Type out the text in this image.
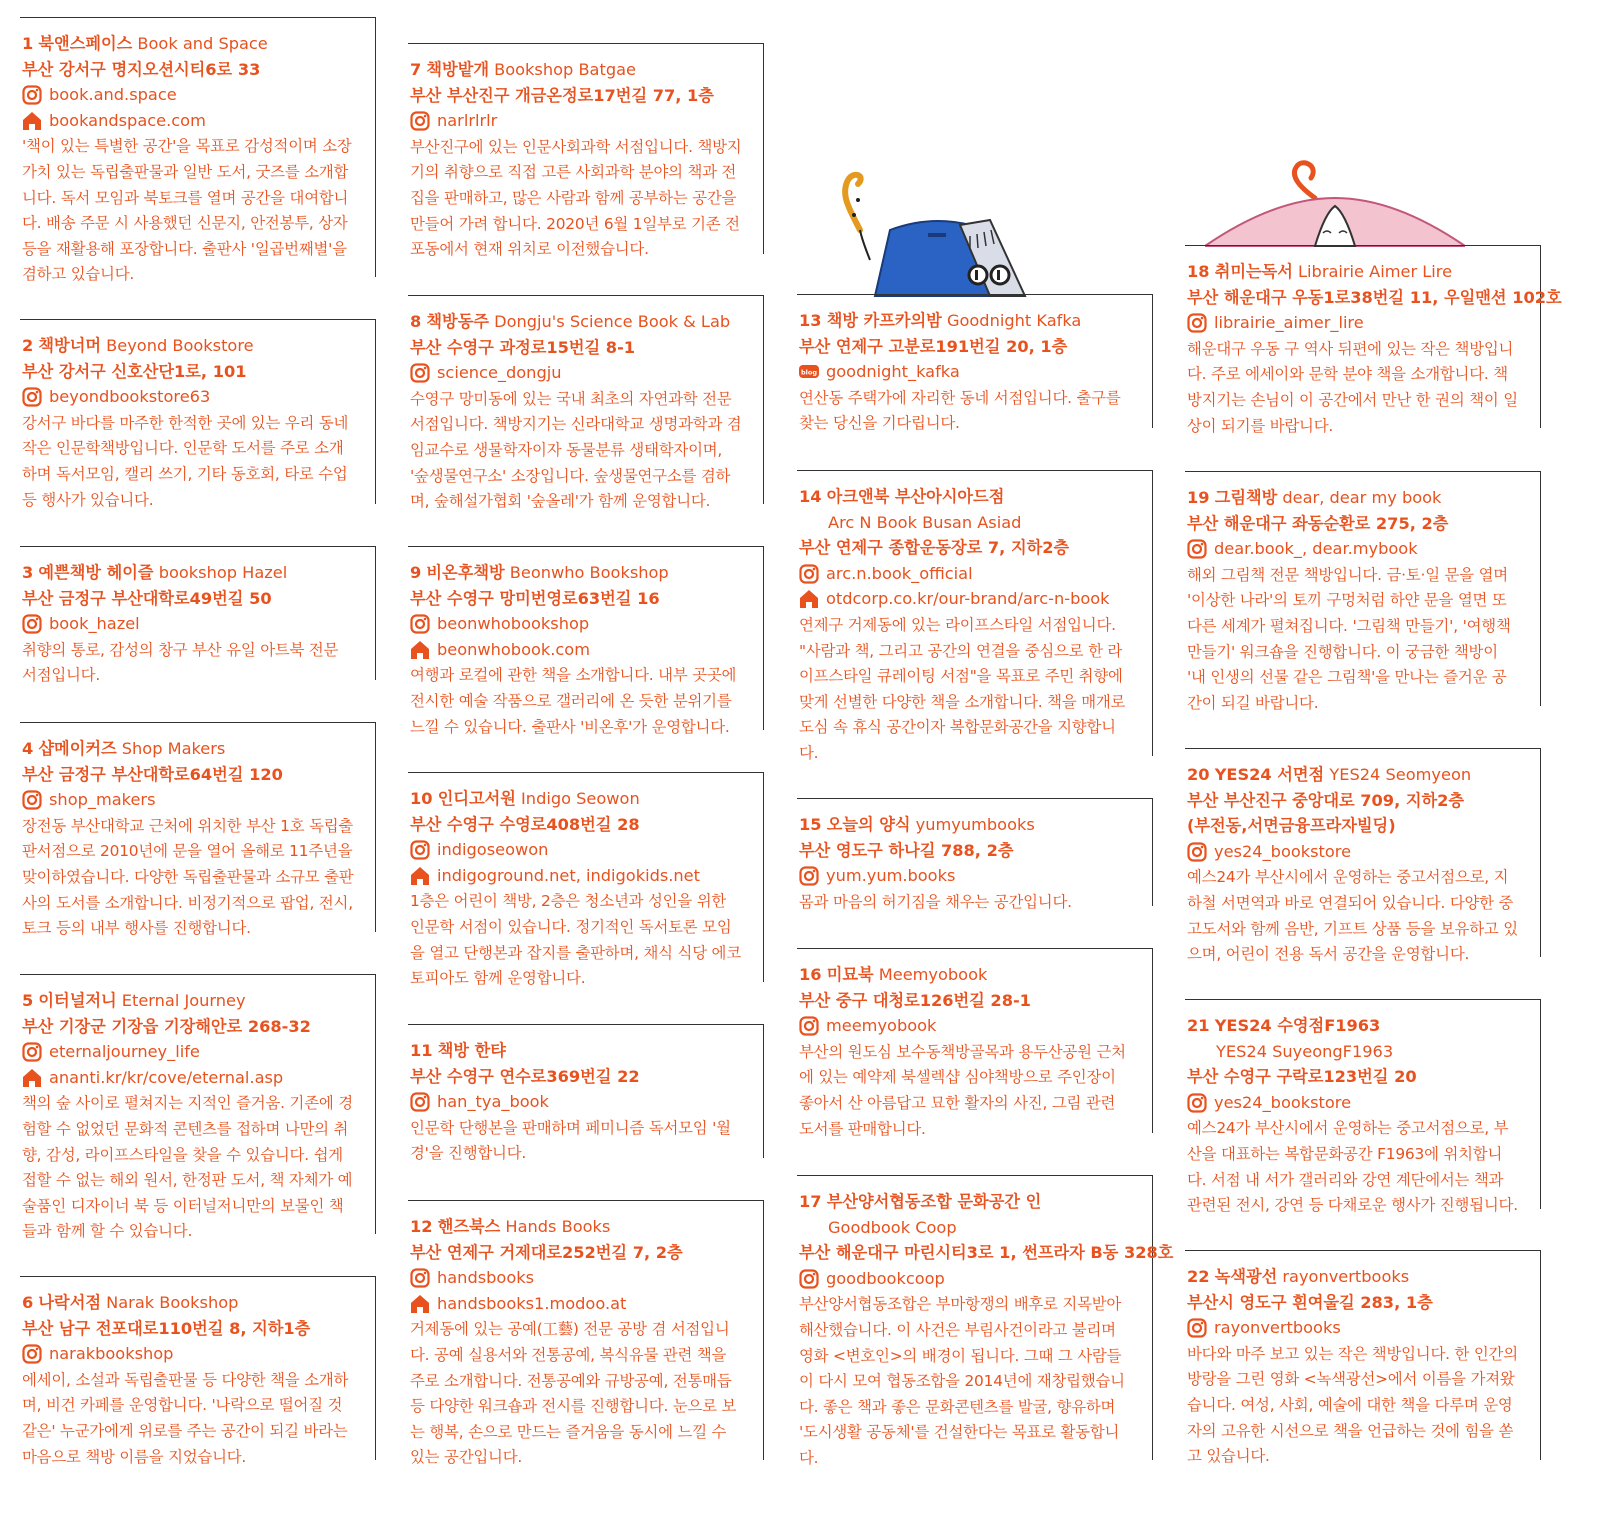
1 북앤스페이스 Book and Space
부산 강서구 명지오션시티6로 33
book.and.space
bookandspace.com
'책이 있는 특별한 공간'을 목표로 감성적이며 소장 가치 있는 독립출판물과 일반 도서, 굿즈를 소개합니다. 독서 모임과 북토크를 열며 공간을 대여합니다. 배송 주문 시 사용했던 신문지, 안전봉투, 상자 등을 재활용해 포장합니다. 출판사 '일곱번째별'을 겸하고 있습니다.
2 책방너머 Beyond Bookstore
부산 강서구 신호산단1로, 101
beyondbookstore63
강서구 바다를 마주한 한적한 곳에 있는 우리 동네 작은 인문학책방입니다. 인문학 도서를 주로 소개하며 독서모임, 캘리 쓰기, 기타 동호회, 타로 수업 등 행사가 있습니다.
3 예쁜책방 헤이즐 bookshop Hazel
부산 금정구 부산대학로49번길 50
book_hazel
취향의 통로, 감성의 창구 부산 유일 아트북 전문 서점입니다.
4 샵메이커즈 Shop Makers
부산 금정구 부산대학로64번길 120
shop_makers
장전동 부산대학교 근처에 위치한 부산 1호 독립출판서점으로 2010년에 문을 열어 올해로 11주년을 맞이하였습니다. 다양한 독립출판물과 소규모 출판사의 도서를 소개합니다. 비정기적으로 팝업, 전시, 토크 등의 내부 행사를 진행합니다.
5 이터널저니 Eternal Journey
부산 기장군 기장읍 기장해안로 268-32
eternaljourney_life
ananti.kr/kr/cove/eternal.asp
책의 숲 사이로 펼쳐지는 지적인 즐거움. 기존에 경험할 수 없었던 문화적 콘텐츠를 접하며 나만의 취향, 감성, 라이프스타일을 찾을 수 있습니다. 쉽게 접할 수 없는 해외 원서, 한정판 도서, 책 자체가 예술품인 디자이너 북 등 이터널저니만의 보물인 책들과 함께 할 수 있습니다.
6 나락서점 Narak Bookshop
부산 남구 전포대로110번길 8, 지하1층
narakbookshop
에세이, 소설과 독립출판물 등 다양한 책을 소개하며, 비건 카페를 운영합니다. '나락으로 떨어질 것 같은' 누군가에게 위로를 주는 공간이 되길 바라는 마음으로 책방 이름을 지었습니다.
7 책방밭개 Bookshop Batgae
부산 부산진구 개금온정로17번길 77, 1층
narlrlrlr
부산진구에 있는 인문사회과학 서점입니다. 책방지기의 취향으로 직접 고른 사회과학 분야의 책과 전집을 판매하고, 많은 사람과 함께 공부하는 공간을 만들어 가려 합니다. 2020년 6월 1일부로 기존 전포동에서 현재 위치로 이전했습니다.
8 책방동주 Dongju's Science Book & Lab
부산 수영구 과정로15번길 8-1
science_dongju
수영구 망미동에 있는 국내 최초의 자연과학 전문 서점입니다. 책방지기는 신라대학교 생명과학과 겸임교수로 생물학자이자 동물분류 생태학자이며, '숲생물연구소' 소장입니다. 숲생물연구소를 겸하며, 숲해설가협회 '숲올레'가 함께 운영합니다.
9 비온후책방 Beonwho Bookshop
부산 수영구 망미번영로63번길 16
beonwhobookshop
beonwhobook.com
여행과 로컬에 관한 책을 소개합니다. 내부 곳곳에 전시한 예술 작품으로 갤러리에 온 듯한 분위기를 느낄 수 있습니다. 출판사 '비온후'가 운영합니다.
10 인디고서원 Indigo Seowon
부산 수영구 수영로408번길 28
indigoseowon
indigoground.net, indigokids.net
1층은 어린이 책방, 2층은 청소년과 성인을 위한 인문학 서점이 있습니다. 정기적인 독서토론 모임을 열고 단행본과 잡지를 출판하며, 채식 식당 에코토피아도 함께 운영합니다.
11 책방 한탸
부산 수영구 연수로369번길 22
han_tya_book
인문학 단행본을 판매하며 페미니즘 독서모임 '월경'을 진행합니다.
12 핸즈북스 Hands Books
부산 연제구 거제대로252번길 7, 2층
handsbooks
handsbooks1.modoo.at
거제동에 있는 공예(工藝) 전문 공방 겸 서점입니다. 공예 실용서와 전통공예, 복식유물 관련 책을 주로 소개합니다. 전통공예와 규방공예, 전통매듭 등 다양한 워크숍과 전시를 진행합니다. 눈으로 보는 행복, 손으로 만드는 즐거움을 동시에 느낄 수 있는 공간입니다.
13 책방 카프카의밤 Goodnight Kafka
부산 연제구 고분로191번길 20, 1층
blog goodnight_kafka
연산동 주택가에 자리한 동네 서점입니다. 출구를 찾는 당신을 기다립니다.
14 아크앤북 부산아시아드점
Arc N Book Busan Asiad
부산 연제구 종합운동장로 7, 지하2층
arc.n.book_official
otdcorp.co.kr/our-brand/arc-n-book
연제구 거제동에 있는 라이프스타일 서점입니다. "사람과 책, 그리고 공간의 연결을 중심으로 한 라이프스타일 큐레이팅 서점"을 목표로 주민 취향에 맞게 선별한 다양한 책을 소개합니다. 책을 매개로 도심 속 휴식 공간이자 복합문화공간을 지향합니다.
15 오늘의 양식 yumyumbooks
부산 영도구 하나길 788, 2층
yum.yum.books
몸과 마음의 허기짐을 채우는 공간입니다.
16 미묘북 Meemyobook
부산 중구 대청로126번길 28-1
meemyobook
부산의 원도심 보수동책방골목과 용두산공원 근처에 있는 예약제 북셀렉샵 심야책방으로 주인장이 좋아서 산 아름답고 묘한 활자의 사진, 그림 관련 도서를 판매합니다.
17 부산양서협동조합 문화공간 인
Goodbook Coop
부산 해운대구 마린시티3로 1, 썬프라자 B동 328호
goodbookcoop
부산양서협동조합은 부마항쟁의 배후로 지목받아 해산했습니다. 이 사건은 부림사건이라고 불리며 영화 <변호인>의 배경이 됩니다. 그때 그 사람들이 다시 모여 협동조합을 2014년에 재창립했습니다. 좋은 책과 좋은 문화콘텐츠를 발굴, 향유하며 '도시생활 공동체'를 건설한다는 목표로 활동합니다.
18 취미는독서 Librairie Aimer Lire
부산 해운대구 우동1로38번길 11, 우일맨션 102호
librairie_aimer_lire
해운대구 우동 구 역사 뒤편에 있는 작은 책방입니다. 주로 에세이와 문학 분야 책을 소개합니다. 책방지기는 손님이 이 공간에서 만난 한 권의 책이 일상이 되기를 바랍니다.
19 그림책방 dear, dear my book
부산 해운대구 좌동순환로 275, 2층
dear.book_, dear.mybook
해외 그림책 전문 책방입니다. 금·토·일 문을 열며 '이상한 나라'의 토끼 구멍처럼 하얀 문을 열면 또 다른 세계가 펼쳐집니다. '그림책 만들기', '여행책 만들기' 워크숍을 진행합니다. 이 궁금한 책방이 '내 인생의 선물 같은 그림책'을 만나는 즐거운 공간이 되길 바랍니다.
20 YES24 서면점 YES24 Seomyeon
부산 부산진구 중앙대로 709, 지하2층
(부전동,서면금융프라자빌딩)
yes24_bookstore
예스24가 부산시에서 운영하는 중고서점으로, 지하철 서면역과 바로 연결되어 있습니다. 다양한 중고도서와 함께 음반, 기프트 상품 등을 보유하고 있으며, 어린이 전용 독서 공간을 운영합니다.
21 YES24 수영점F1963
YES24 SuyeongF1963
부산 수영구 구락로123번길 20
yes24_bookstore
예스24가 부산시에서 운영하는 중고서점으로, 부산을 대표하는 복합문화공간 F1963에 위치합니다. 서점 내 서가 갤러리와 강연 계단에서는 책과 관련된 전시, 강연 등 다채로운 행사가 진행됩니다.
22 녹색광선 rayonvertbooks
부산시 영도구 흰여울길 283, 1층
rayonvertbooks
바다와 마주 보고 있는 작은 책방입니다. 한 인간의 방랑을 그린 영화 <녹색광선>에서 이름을 가져왔습니다. 여성, 사회, 예술에 대한 책을 다루며 운영자의 고유한 시선으로 책을 언급하는 것에 힘을 쏟고 있습니다.
